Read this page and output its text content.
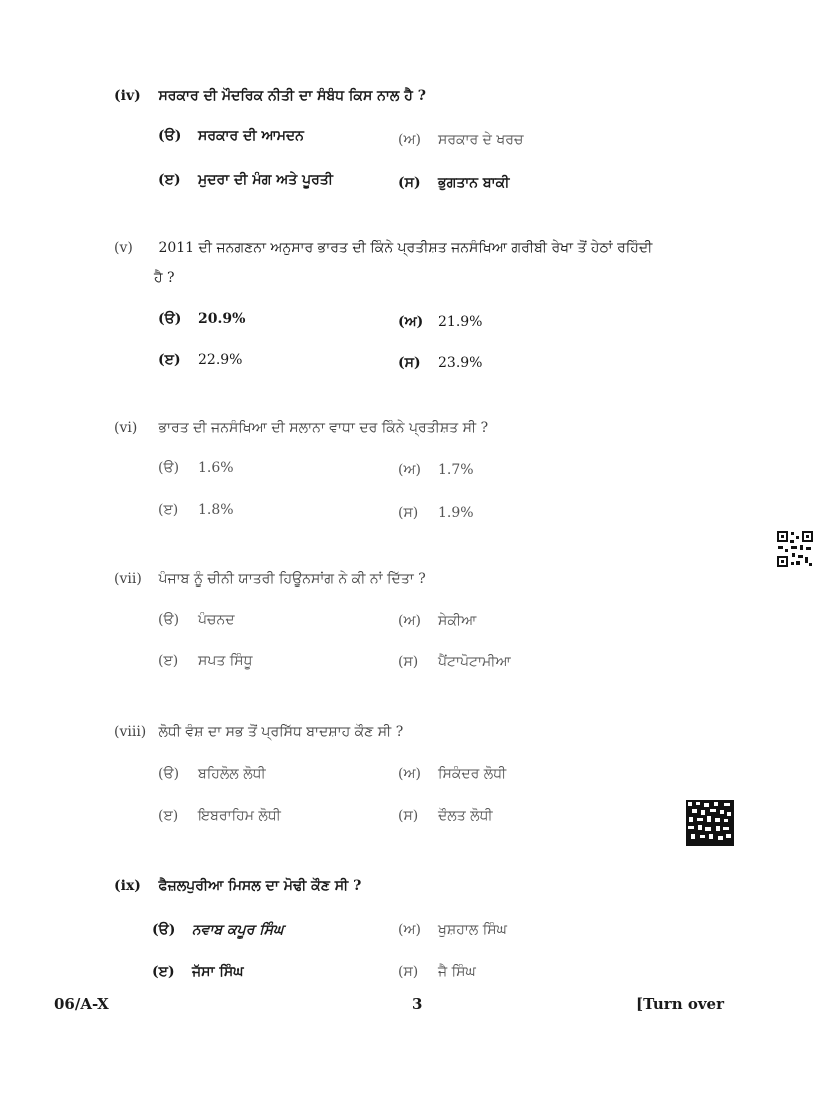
(iv) ਸਰਕਾਰ ਦੀ ਮੌਦਰਿਕ ਨੀਤੀ ਦਾ ਸੰਬੰਧ ਕਿਸ ਨਾਲ ਹੈ ?
(ੳ) ਸਰਕਾਰ ਦੀ ਆਮਦਨ	(ਅ) ਸਰਕਾਰ ਦੇ ਖਰਚ
(ੲ) ਮੁਦਰਾ ਦੀ ਮੰਗ ਅਤੇ ਪੂਰਤੀ	(ਸ) ਭੁਗਤਾਨ ਬਾਕੀ
(v) 2011 ਦੀ ਜਨਗਣਨਾ ਅਨੁਸਾਰ ਭਾਰਤ ਦੀ ਕਿੰਨੇ ਪ੍ਰਤੀਸ਼ਤ ਜਨਸੰਖਿਆ ਗਰੀਬੀ ਰੇਖਾ ਤੋਂ ਹੇਠਾਂ ਰਹਿੰਦੀ
ਹੈ ?
(ੳ) 20.9%	(ਅ) 21.9%
(ੲ) 22.9%	(ਸ) 23.9%
(vi) ਭਾਰਤ ਦੀ ਜਨਸੰਖਿਆ ਦੀ ਸਲਾਨਾ ਵਾਧਾ ਦਰ ਕਿੰਨੇ ਪ੍ਰਤੀਸ਼ਤ ਸੀ ?
(ੳ) 1.6%	(ਅ) 1.7%
(ੲ) 1.8%	(ਸ) 1.9%
(vii) ਪੰਜਾਬ ਨੂੰ ਚੀਨੀ ਯਾਤਰੀ ਹਿਊਨਸਾਂਗ ਨੇ ਕੀ ਨਾਂ ਦਿੱਤਾ ?
(ੳ) ਪੰਚਨਦ	(ਅ) ਸੇਕੀਆ
(ੲ) ਸਪਤ ਸਿੰਧੂ	(ਸ) ਪੈਂਟਾਪੋਟਾਮੀਆ
(viii) ਲੋਧੀ ਵੰਸ਼ ਦਾ ਸਭ ਤੋਂ ਪ੍ਰਸਿੱਧ ਬਾਦਸ਼ਾਹ ਕੌਣ ਸੀ ?
(ੳ) ਬਹਿਲੋਲ ਲੋਧੀ	(ਅ) ਸਿਕੰਦਰ ਲੋਧੀ
(ੲ) ਇਬਰਾਹਿਮ ਲੋਧੀ	(ਸ) ਦੌਲਤ ਲੋਧੀ
(ix) ਫੈਜ਼ਲਪੁਰੀਆ ਮਿਸਲ ਦਾ ਮੋਢੀ ਕੌਣ ਸੀ ?
(ੳ) ਨਵਾਬ ਕਪੂਰ ਸਿੰਘ	(ਅ) ਖੁਸ਼ਹਾਲ ਸਿੰਘ
(ੲ) ਜੱਸਾ ਸਿੰਘ	(ਸ) ਜੈ ਸਿੰਘ
06/A-X	3	[Turn over
